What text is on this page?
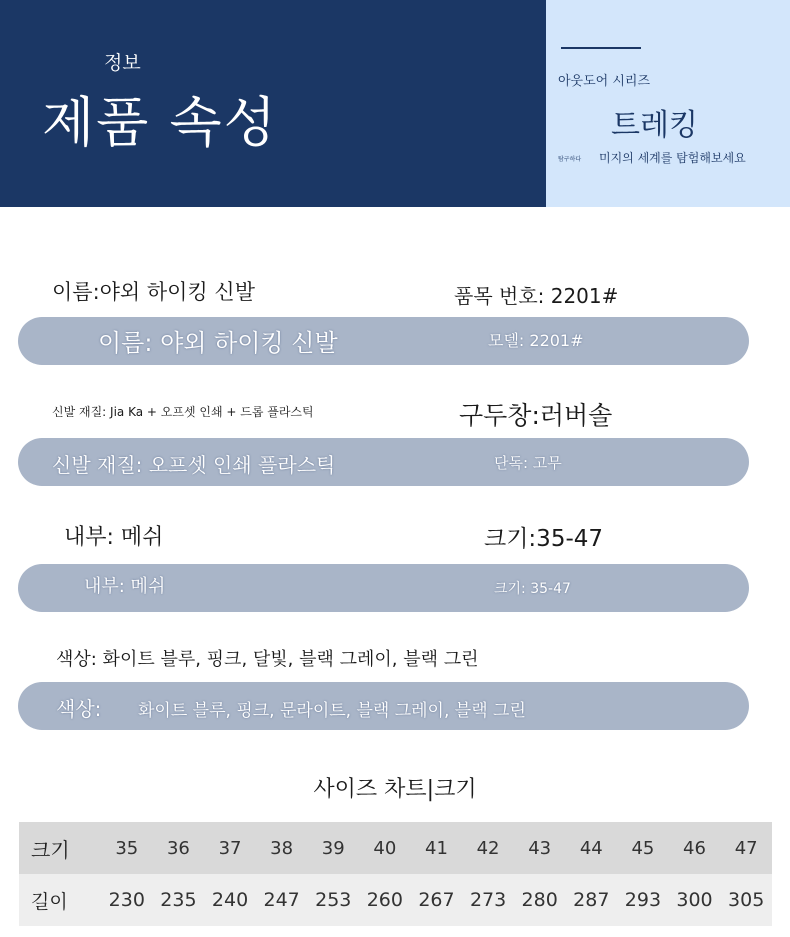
정보
제품 속성
아웃도어 시리즈
트레킹
탐구하다 미지의 세계를 탐험해보세요
이름:야외 하이킹 신발	품목 번호: 2201#
이름: 야외 하이킹 신발	모델: 2201#
신발 재질: Jia Ka + 오프셋 인쇄 + 드롭 플라스틱	구두창:러버솔
신발 재질: 오프셋 인쇄 플라스틱	단독: 고무
내부: 메쉬	크기:35-47
내부: 메쉬	크기: 35-47
색상: 화이트 블루, 핑크, 달빛, 블랙 그레이, 블랙 그린
색상: 화이트 블루, 핑크, 문라이트, 블랙 그레이, 블랙 그린
사이즈 차트|크기
크기	35	36	37	38	39	40	41	42	43	44	45	46	47
길이	230	235	240	247	253	260	267	273	280	287	293	300	305
